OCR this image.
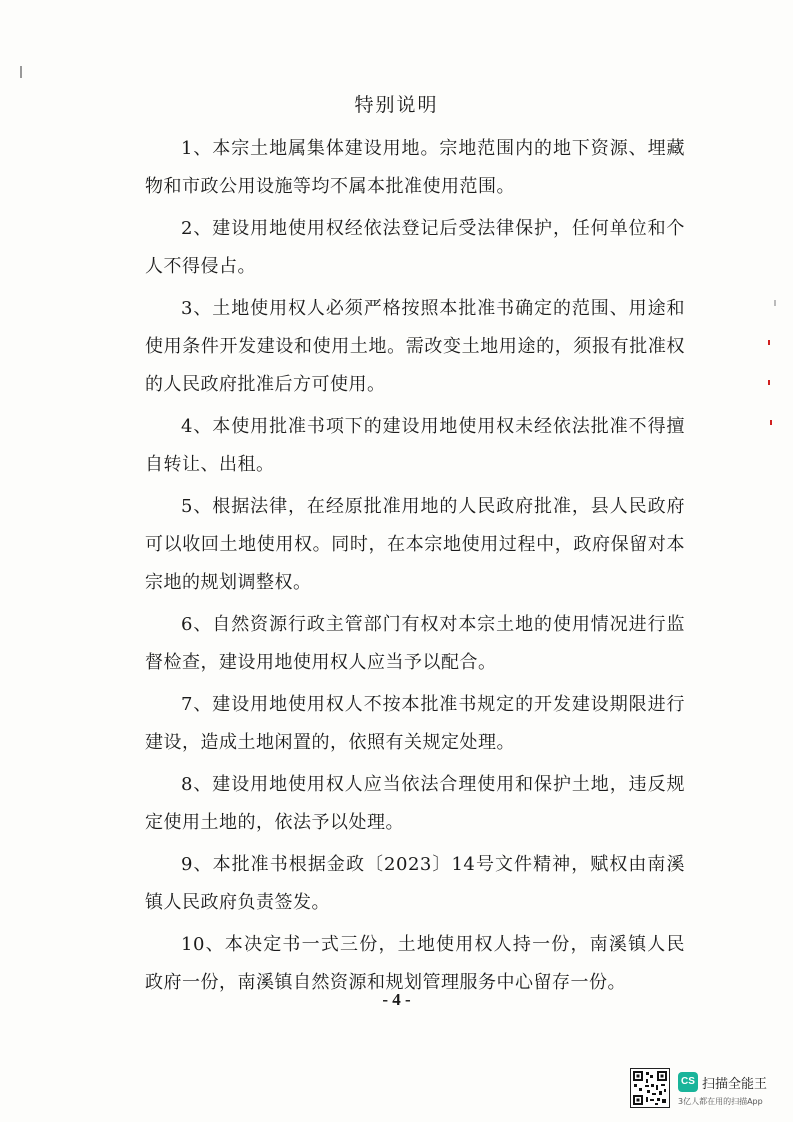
特别说明

1、本宗土地属集体建设用地。宗地范围内的地下资源、埋藏物和市政公用设施等均不属本批准使用范围。

2、建设用地使用权经依法登记后受法律保护，任何单位和个人不得侵占。

3、土地使用权人必须严格按照本批准书确定的范围、用途和使用条件开发建设和使用土地。需改变土地用途的，须报有批准权的人民政府批准后方可使用。

4、本使用批准书项下的建设用地使用权未经依法批准不得擅自转让、出租。

5、根据法律，在经原批准用地的人民政府批准，县人民政府可以收回土地使用权。同时，在本宗地使用过程中，政府保留对本宗地的规划调整权。

6、自然资源行政主管部门有权对本宗土地的使用情况进行监督检查，建设用地使用权人应当予以配合。

7、建设用地使用权人不按本批准书规定的开发建设期限进行建设，造成土地闲置的，依照有关规定处理。

8、建设用地使用权人应当依法合理使用和保护土地，违反规定使用土地的，依法予以处理。

9、本批准书根据金政〔2023〕14号文件精神，赋权由南溪镇人民政府负责签发。

10、本决定书一式三份，土地使用权人持一份，南溪镇人民政府一份，南溪镇自然资源和规划管理服务中心留存一份。

- 4 -
CS 扫描全能王
3亿人都在用的扫描App
